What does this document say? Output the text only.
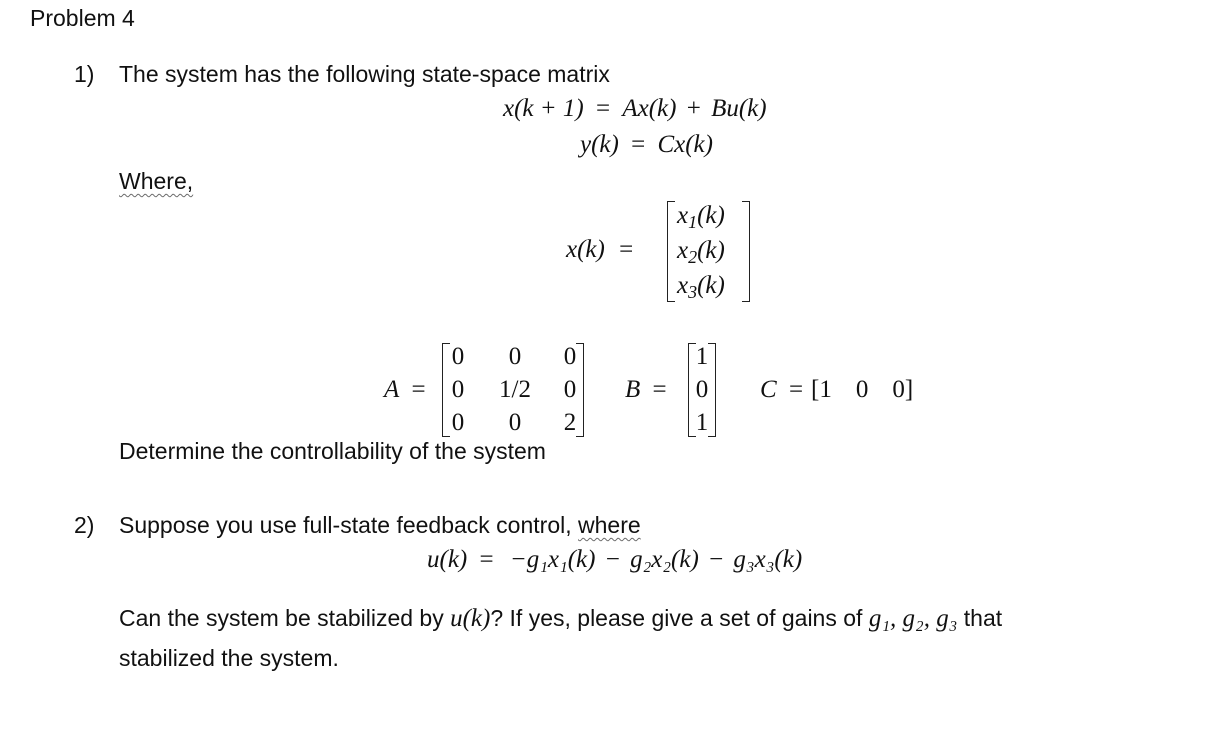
Problem 4
1) The system has the following state-space matrix
x(k + 1) = Ax(k) + Bu(k)
y(k) = Cx(k)
Where,
x(k) =
$x_1(k)$
$x_2(k)$
$x_3(k)$
A =
0	0	0
0	1/2	0
0	0	2
B =
1
0
1
C = [1 0 0]
Determine the controllability of the system
2) Suppose you use full-state feedback control, where
u(k) = −g₁x₁(k) − g₂x₂(k) − g₃x₃(k)
Can the system be stabilized by u(k)? If yes, please give a set of gains of g₁, g₂, g₃ that
stabilized the system.
